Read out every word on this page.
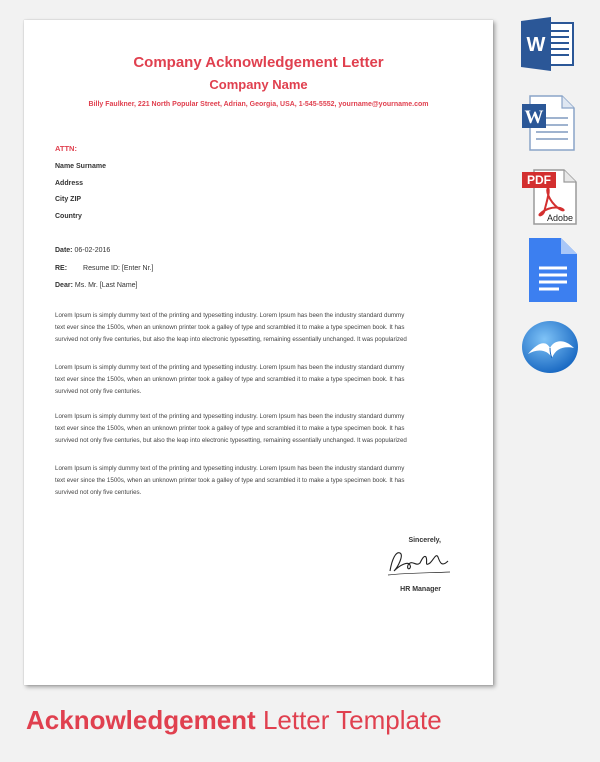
Company Acknowledgement Letter
Company Name
Billy Faulkner, 221 North Popular Street, Adrian, Georgia, USA, 1-545-5552, yourname@yourname.com
ATTN:
Name Surname
Address
City ZIP
Country
Date: 06-02-2016
RE: Resume ID: [Enter Nr.]
Dear: Ms. Mr. [Last Name]
Lorem Ipsum is simply dummy text of the printing and typesetting industry. Lorem Ipsum has been the industry standard dummy
text ever since the 1500s, when an unknown printer took a galley of type and scrambled it to make a type specimen book. It has
survived not only five centuries, but also the leap into electronic typesetting, remaining essentially unchanged. It was popularized
Lorem Ipsum is simply dummy text of the printing and typesetting industry. Lorem Ipsum has been the industry standard dummy
text ever since the 1500s, when an unknown printer took a galley of type and scrambled it to make a type specimen book. It has
survived not only five centuries.
Lorem Ipsum is simply dummy text of the printing and typesetting industry. Lorem Ipsum has been the industry standard dummy
text ever since the 1500s, when an unknown printer took a galley of type and scrambled it to make a type specimen book. It has
survived not only five centuries, but also the leap into electronic typesetting, remaining essentially unchanged. It was popularized
Lorem Ipsum is simply dummy text of the printing and typesetting industry. Lorem Ipsum has been the industry standard dummy
text ever since the 1500s, when an unknown printer took a galley of type and scrambled it to make a type specimen book. It has
survived not only five centuries.
Sincerely,
HR Manager
W
W
PDF
Adobe
Acknowledgement Letter Template
